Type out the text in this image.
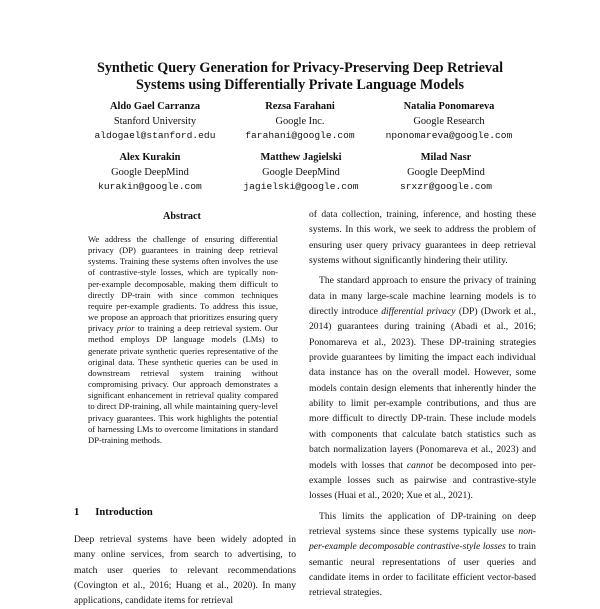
Synthetic Query Generation for Privacy-Preserving Deep Retrieval
Systems using Differentially Private Language Models
Aldo Gael Carranza
Stanford University
aldogael@stanford.edu
Rezsa Farahani
Google Inc.
farahani@google.com
Natalia Ponomareva
Google Research
nponomareva@google.com
Alex Kurakin
Google DeepMind
kurakin@google.com
Matthew Jagielski
Google DeepMind
jagielski@google.com
Milad Nasr
Google DeepMind
srxzr@google.com
Abstract
We address the challenge of ensuring differential privacy (DP) guarantees in training deep retrieval systems. Training these systems often involves the use of contrastive-style losses, which are typically non-per-example decomposable, making them difficult to directly DP-train with since common techniques require per-example gradients. To address this issue, we propose an approach that prioritizes ensuring query privacy prior to training a deep retrieval system. Our method employs DP language models (LMs) to generate private synthetic queries representative of the original data. These synthetic queries can be used in downstream retrieval system training without compromising privacy. Our approach demonstrates a significant enhancement in retrieval quality compared to direct DP-training, all while maintaining query-level privacy guarantees. This work highlights the potential of harnessing LMs to overcome limitations in standard DP-training methods.
1 Introduction
Deep retrieval systems have been widely adopted in many online services, from search to advertising, to match user queries to relevant recommendations (Covington et al., 2016; Huang et al., 2020). In many applications, candidate items for retrieval

of data collection, training, inference, and hosting these systems. In this work, we seek to address the problem of ensuring user query privacy guarantees in deep retrieval systems without significantly hindering their utility.

The standard approach to ensure the privacy of training data in many large-scale machine learning models is to directly introduce differential privacy (DP) (Dwork et al., 2014) guarantees during training (Abadi et al., 2016; Ponomareva et al., 2023). These DP-training strategies provide guarantees by limiting the impact each individual data instance has on the overall model. However, some models contain design elements that inherently hinder the ability to limit per-example contributions, and thus are more difficult to directly DP-train. These include models with components that calculate batch statistics such as batch normalization layers (Ponomareva et al., 2023) and models with losses that cannot be decomposed into per-example losses such as pairwise and contrastive-style losses (Huai et al., 2020; Xue et al., 2021).

This limits the application of DP-training on deep retrieval systems since these systems typically use non-per-example decomposable contrastive-style losses to train semantic neural representations of user queries and candidate items in order to facilitate efficient vector-based retrieval strategies.
